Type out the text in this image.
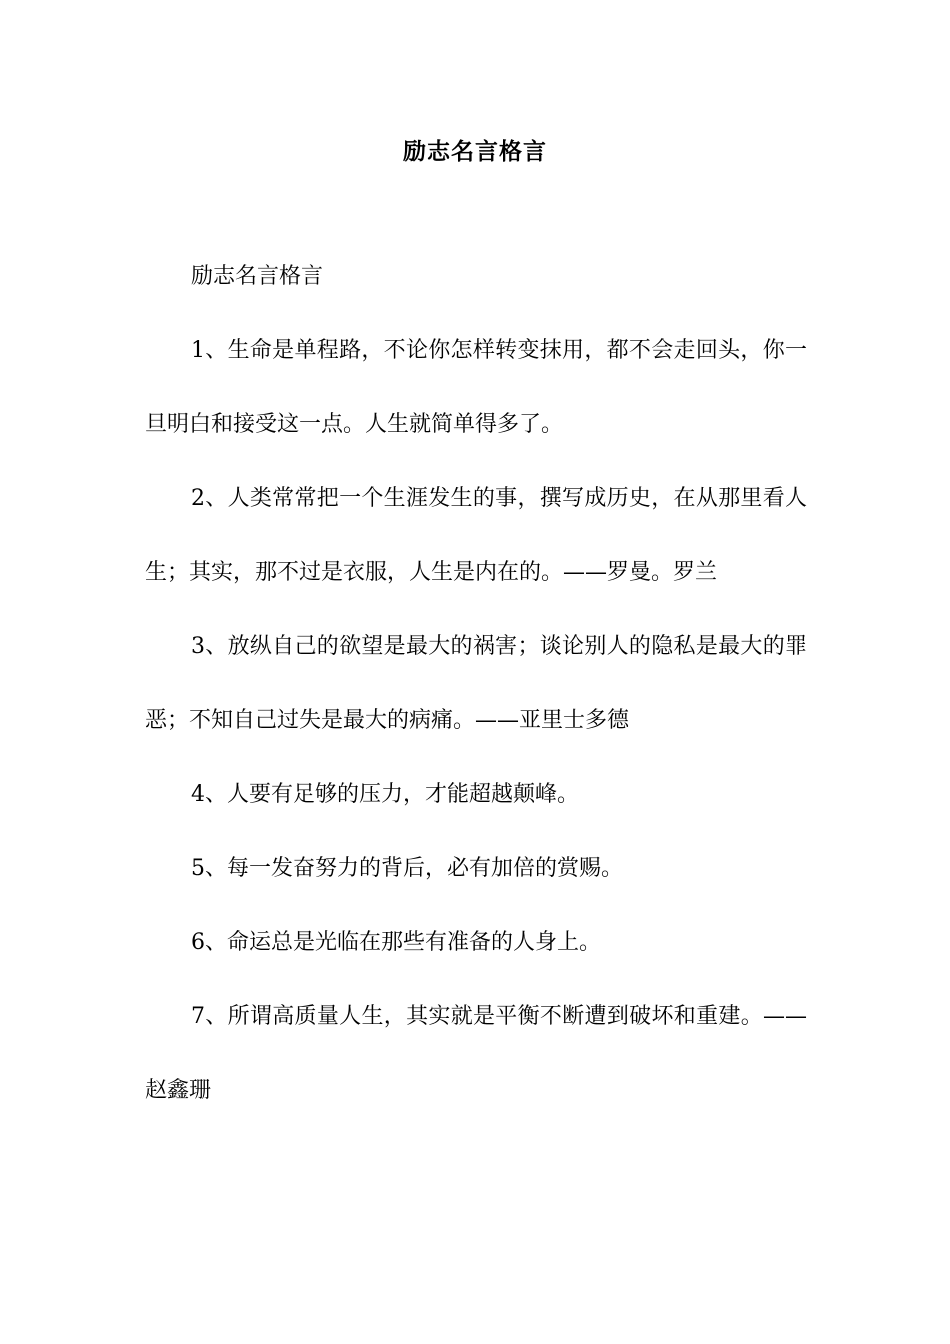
励志名言格言

励志名言格言

1、生命是单程路，不论你怎样转变抹用，都不会走回头，你一旦明白和接受这一点。人生就简单得多了。

2、人类常常把一个生涯发生的事，撰写成历史，在从那里看人生；其实，那不过是衣服，人生是内在的。——罗曼。罗兰

3、放纵自己的欲望是最大的祸害；谈论别人的隐私是最大的罪恶；不知自己过失是最大的病痛。——亚里士多德

4、人要有足够的压力，才能超越颠峰。

5、每一发奋努力的背后，必有加倍的赏赐。

6、命运总是光临在那些有准备的人身上。

7、所谓高质量人生，其实就是平衡不断遭到破坏和重建。——赵鑫珊
